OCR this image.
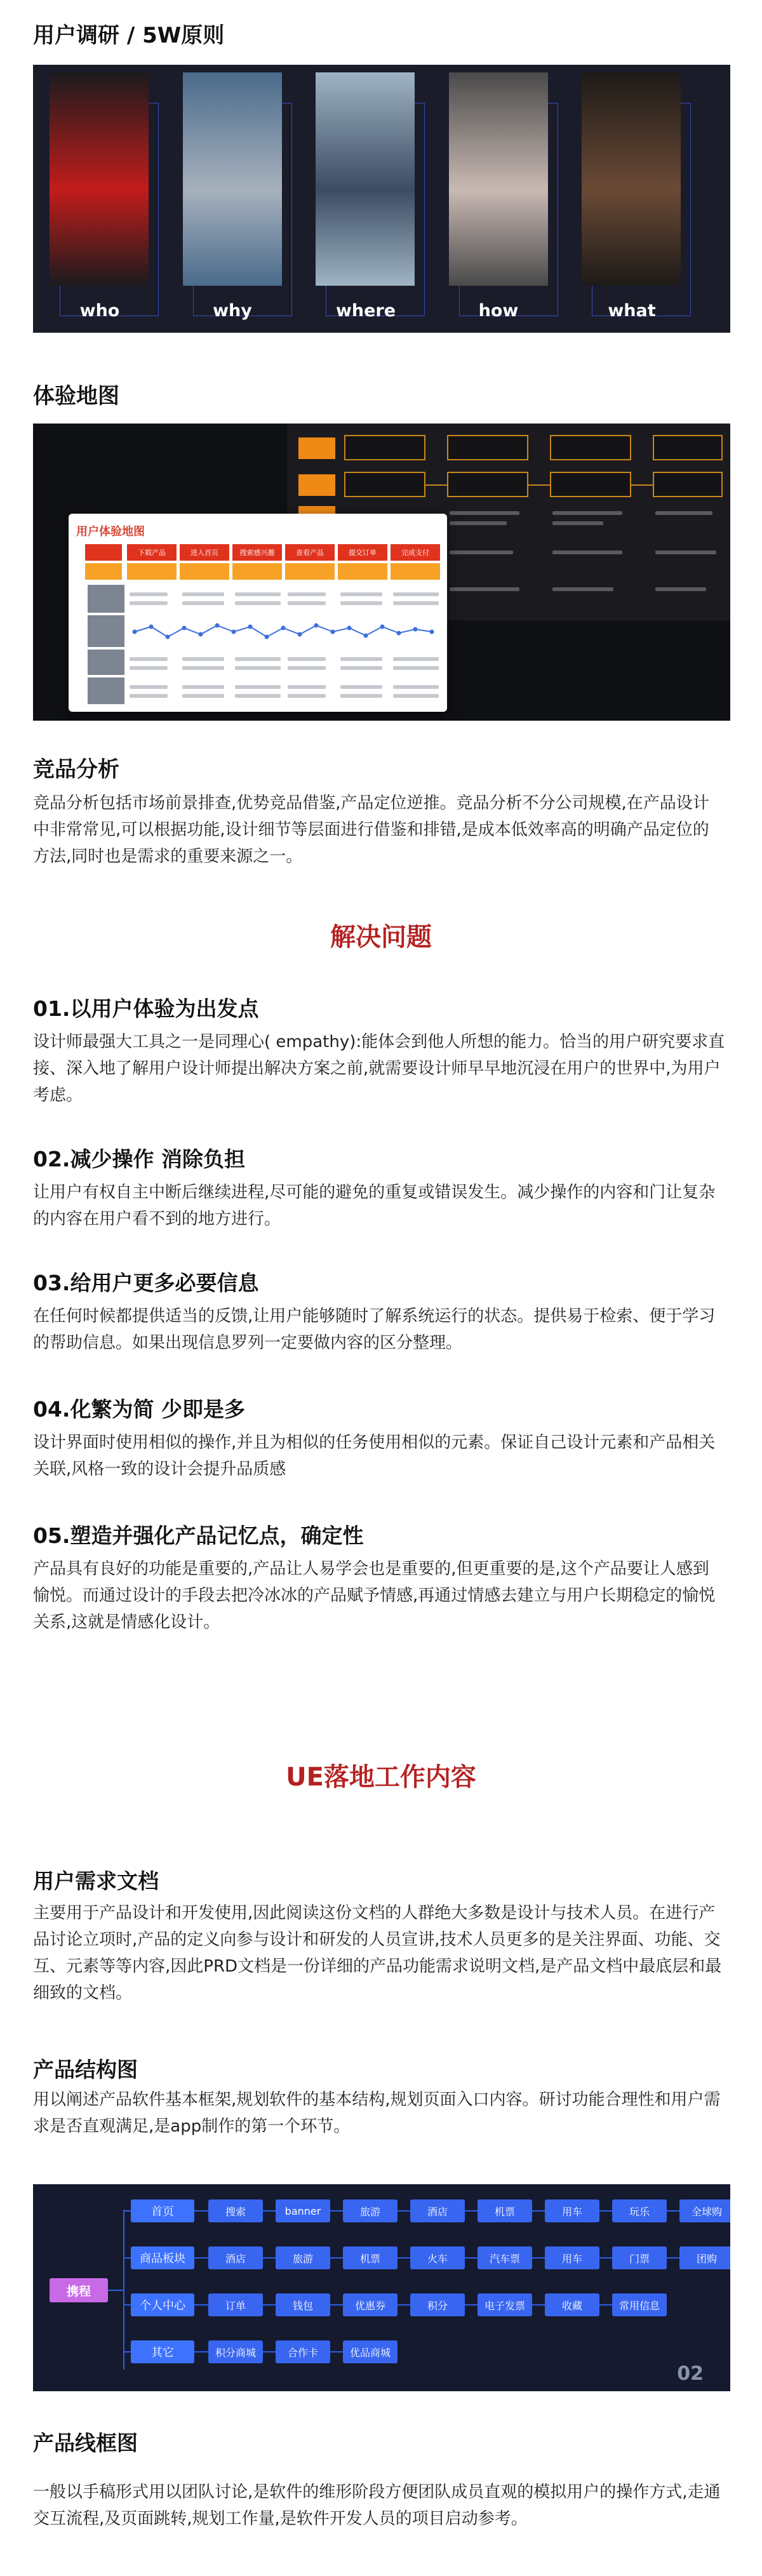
用户调研 / 5W原则
who	why	where	how	what
体验地图
用户体验地图
下载产品	进入首页	搜索感兴趣	查看产品	提交订单	完成支付
竞品分析

竞品分析包括市场前景排查,优势竞品借鉴,产品定位逆推。竞品分析不分公司规模,在产品设计中非常常见,可以根据功能,设计细节等层面进行借鉴和排错,是成本低效率高的明确产品定位的方法,同时也是需求的重要来源之一。

解决问题
01.以用户体验为出发点

设计师最强大工具之一是同理心( empathy):能体会到他人所想的能力。恰当的用户研究要求直接、深入地了解用户设计师提出解决方案之前,就需要设计师早早地沉浸在用户的世界中,为用户考虑。

02.减少操作 消除负担

让用户有权自主中断后继续进程,尽可能的避免的重复或错误发生。减少操作的内容和门让复杂的内容在用户看不到的地方进行。

03.给用户更多必要信息

在任何时候都提供适当的反馈,让用户能够随时了解系统运行的状态。提供易于检索、便于学习的帮助信息。如果出现信息罗列一定要做内容的区分整理。

04.化繁为简 少即是多

设计界面时使用相似的操作,并且为相似的任务使用相似的元素。保证自己设计元素和产品相关关联,风格一致的设计会提升品质感

05.塑造并强化产品记忆点，确定性

产品具有良好的功能是重要的,产品让人易学会也是重要的,但更重要的是,这个产品要让人感到愉悦。而通过设计的手段去把冷冰冰的产品赋予情感,再通过情感去建立与用户长期稳定的愉悦关系,这就是情感化设计。

UE落地工作内容
用户需求文档

主要用于产品设计和开发使用,因此阅读这份文档的人群绝大多数是设计与技术人员。在进行产品讨论立项时,产品的定义向参与设计和研发的人员宣讲,技术人员更多的是关注界面、功能、交互、元素等等内容,因此PRD文档是一份详细的产品功能需求说明文档,是产品文档中最底层和最细致的文档。

产品结构图

用以阐述产品软件基本框架,规划软件的基本结构,规划页面入口内容。研讨功能合理性和用户需求是否直观满足,是app制作的第一个环节。

携程
首页	搜索	banner	旅游	酒店	机票	用车	玩乐	全球购
商品板块	酒店	旅游	机票	火车	汽车票	用车	门票	团购
个人中心	订单	钱包	优惠券	积分	电子发票	收藏	常用信息
其它	积分商城	合作卡	优品商城
02
产品线框图

一般以手稿形式用以团队讨论,是软件的维形阶段方便团队成员直观的模拟用户的操作方式,走通交互流程,及页面跳转,规划工作量,是软件开发人员的项目启动参考。
